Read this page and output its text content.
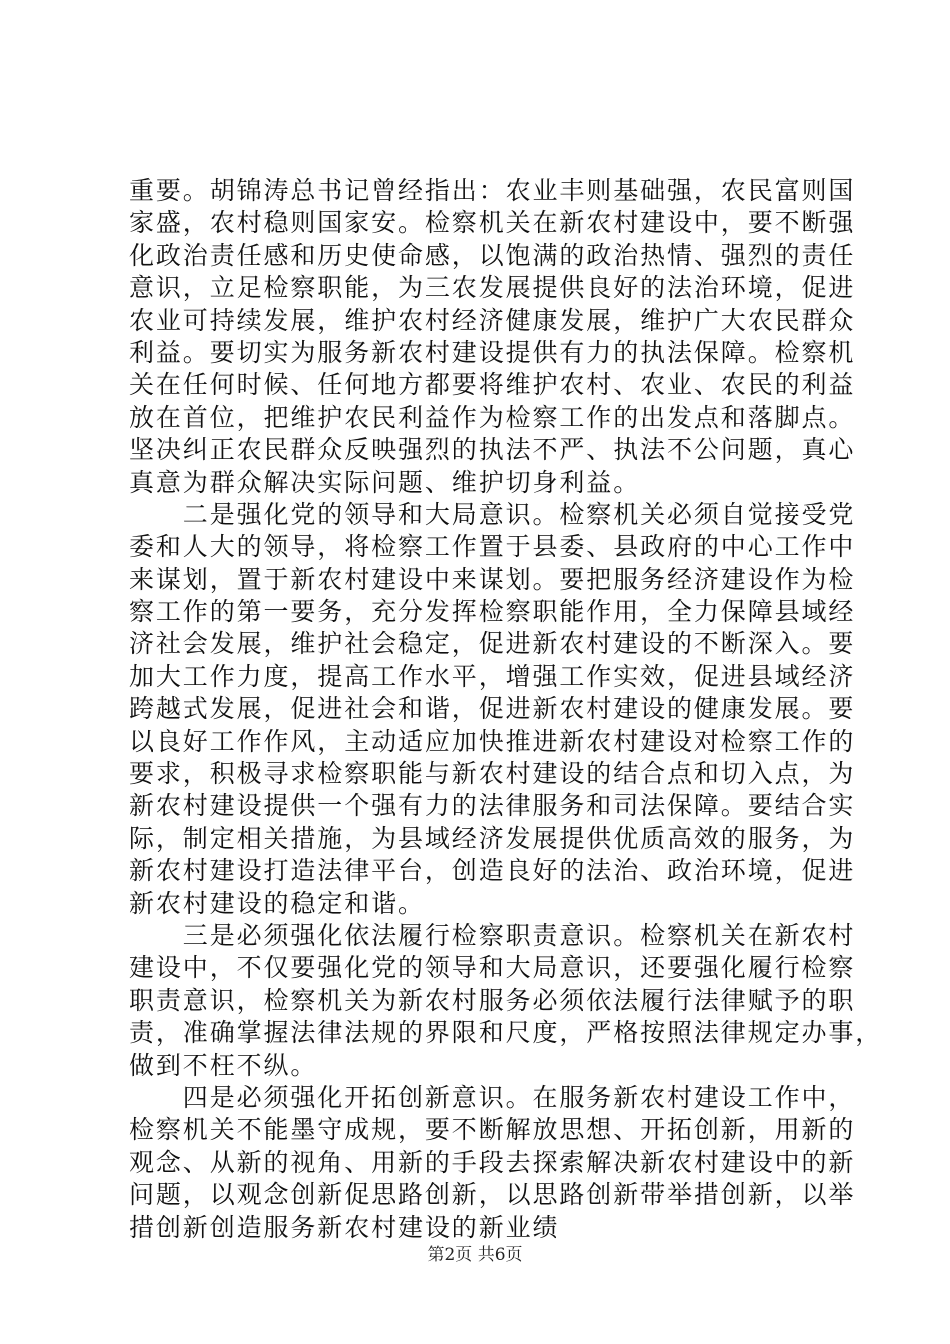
重要。胡锦涛总书记曾经指出：农业丰则基础强，农民富则国
家盛，农村稳则国家安。检察机关在新农村建设中，要不断强
化政治责任感和历史使命感，以饱满的政治热情、强烈的责任
意识，立足检察职能，为三农发展提供良好的法治环境，促进
农业可持续发展，维护农村经济健康发展，维护广大农民群众
利益。要切实为服务新农村建设提供有力的执法保障。检察机
关在任何时候、任何地方都要将维护农村、农业、农民的利益
放在首位，把维护农民利益作为检察工作的出发点和落脚点。
坚决纠正农民群众反映强烈的执法不严、执法不公问题，真心
真意为群众解决实际问题、维护切身利益。
　　二是强化党的领导和大局意识。检察机关必须自觉接受党
委和人大的领导，将检察工作置于县委、县政府的中心工作中
来谋划，置于新农村建设中来谋划。要把服务经济建设作为检
察工作的第一要务，充分发挥检察职能作用，全力保障县域经
济社会发展，维护社会稳定，促进新农村建设的不断深入。要
加大工作力度，提高工作水平，增强工作实效，促进县域经济
跨越式发展，促进社会和谐，促进新农村建设的健康发展。要
以良好工作作风，主动适应加快推进新农村建设对检察工作的
要求，积极寻求检察职能与新农村建设的结合点和切入点，为
新农村建设提供一个强有力的法律服务和司法保障。要结合实
际，制定相关措施，为县域经济发展提供优质高效的服务，为
新农村建设打造法律平台，创造良好的法治、政治环境，促进
新农村建设的稳定和谐。
　　三是必须强化依法履行检察职责意识。检察机关在新农村
建设中，不仅要强化党的领导和大局意识，还要强化履行检察
职责意识，检察机关为新农村服务必须依法履行法律赋予的职
责，准确掌握法律法规的界限和尺度，严格按照法律规定办事，
做到不枉不纵。
　　四是必须强化开拓创新意识。在服务新农村建设工作中，
检察机关不能墨守成规，要不断解放思想、开拓创新，用新的
观念、从新的视角、用新的手段去探索解决新农村建设中的新
问题，以观念创新促思路创新，以思路创新带举措创新，以举
措创新创造服务新农村建设的新业绩
第2页 共6页
